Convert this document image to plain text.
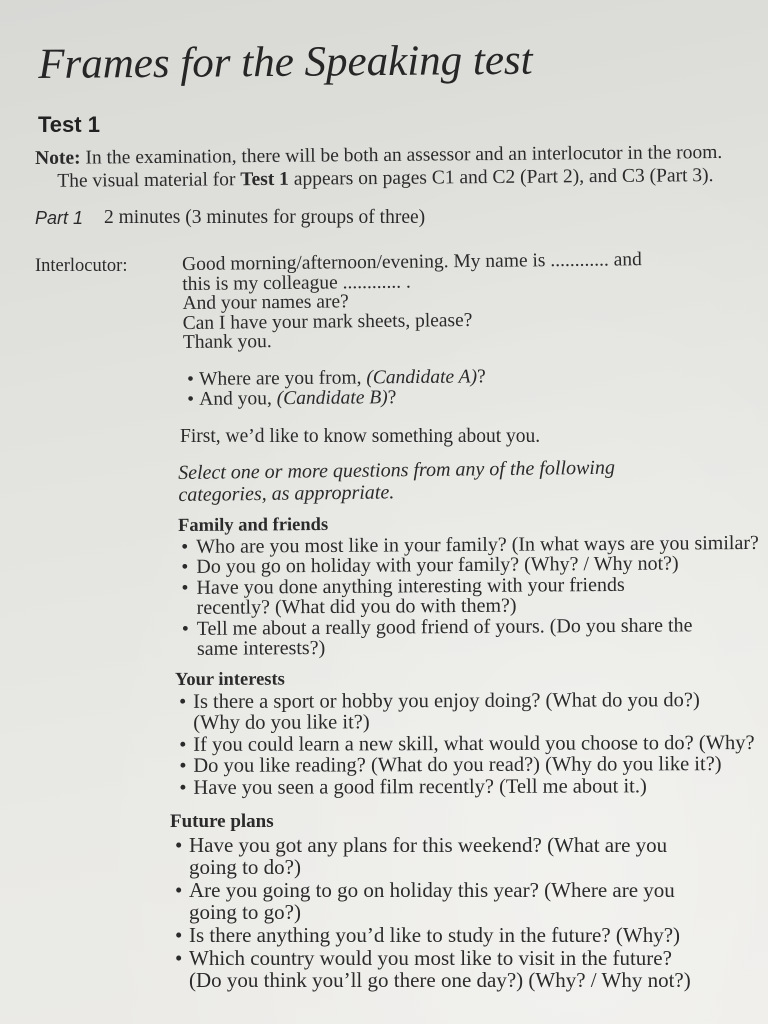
Frames for the Speaking test
Test 1
Note: In the examination, there will be both an assessor and an interlocutor in the room.
The visual material for Test 1 appears on pages C1 and C2 (Part 2), and C3 (Part 3).
Part 1 2 minutes (3 minutes for groups of three)
Interlocutor:	Good morning/afternoon/evening. My name is ............ and
this is my colleague ............ .
And your names are?
Can I have your mark sheets, please?
Thank you.
• Where are you from, (Candidate A)?
• And you, (Candidate B)?
First, we’d like to know something about you.
Select one or more questions from any of the following
categories, as appropriate.
Family and friends
• Who are you most like in your family? (In what ways are you similar?
• Do you go on holiday with your family? (Why? / Why not?)
• Have you done anything interesting with your friends
recently? (What did you do with them?)
• Tell me about a really good friend of yours. (Do you share the
same interests?)
Your interests
• Is there a sport or hobby you enjoy doing? (What do you do?)
(Why do you like it?)
• If you could learn a new skill, what would you choose to do? (Why?
• Do you like reading? (What do you read?) (Why do you like it?)
• Have you seen a good film recently? (Tell me about it.)
Future plans
• Have you got any plans for this weekend? (What are you
going to do?)
• Are you going to go on holiday this year? (Where are you
going to go?)
• Is there anything you’d like to study in the future? (Why?)
• Which country would you most like to visit in the future?
(Do you think you’ll go there one day?) (Why? / Why not?)
